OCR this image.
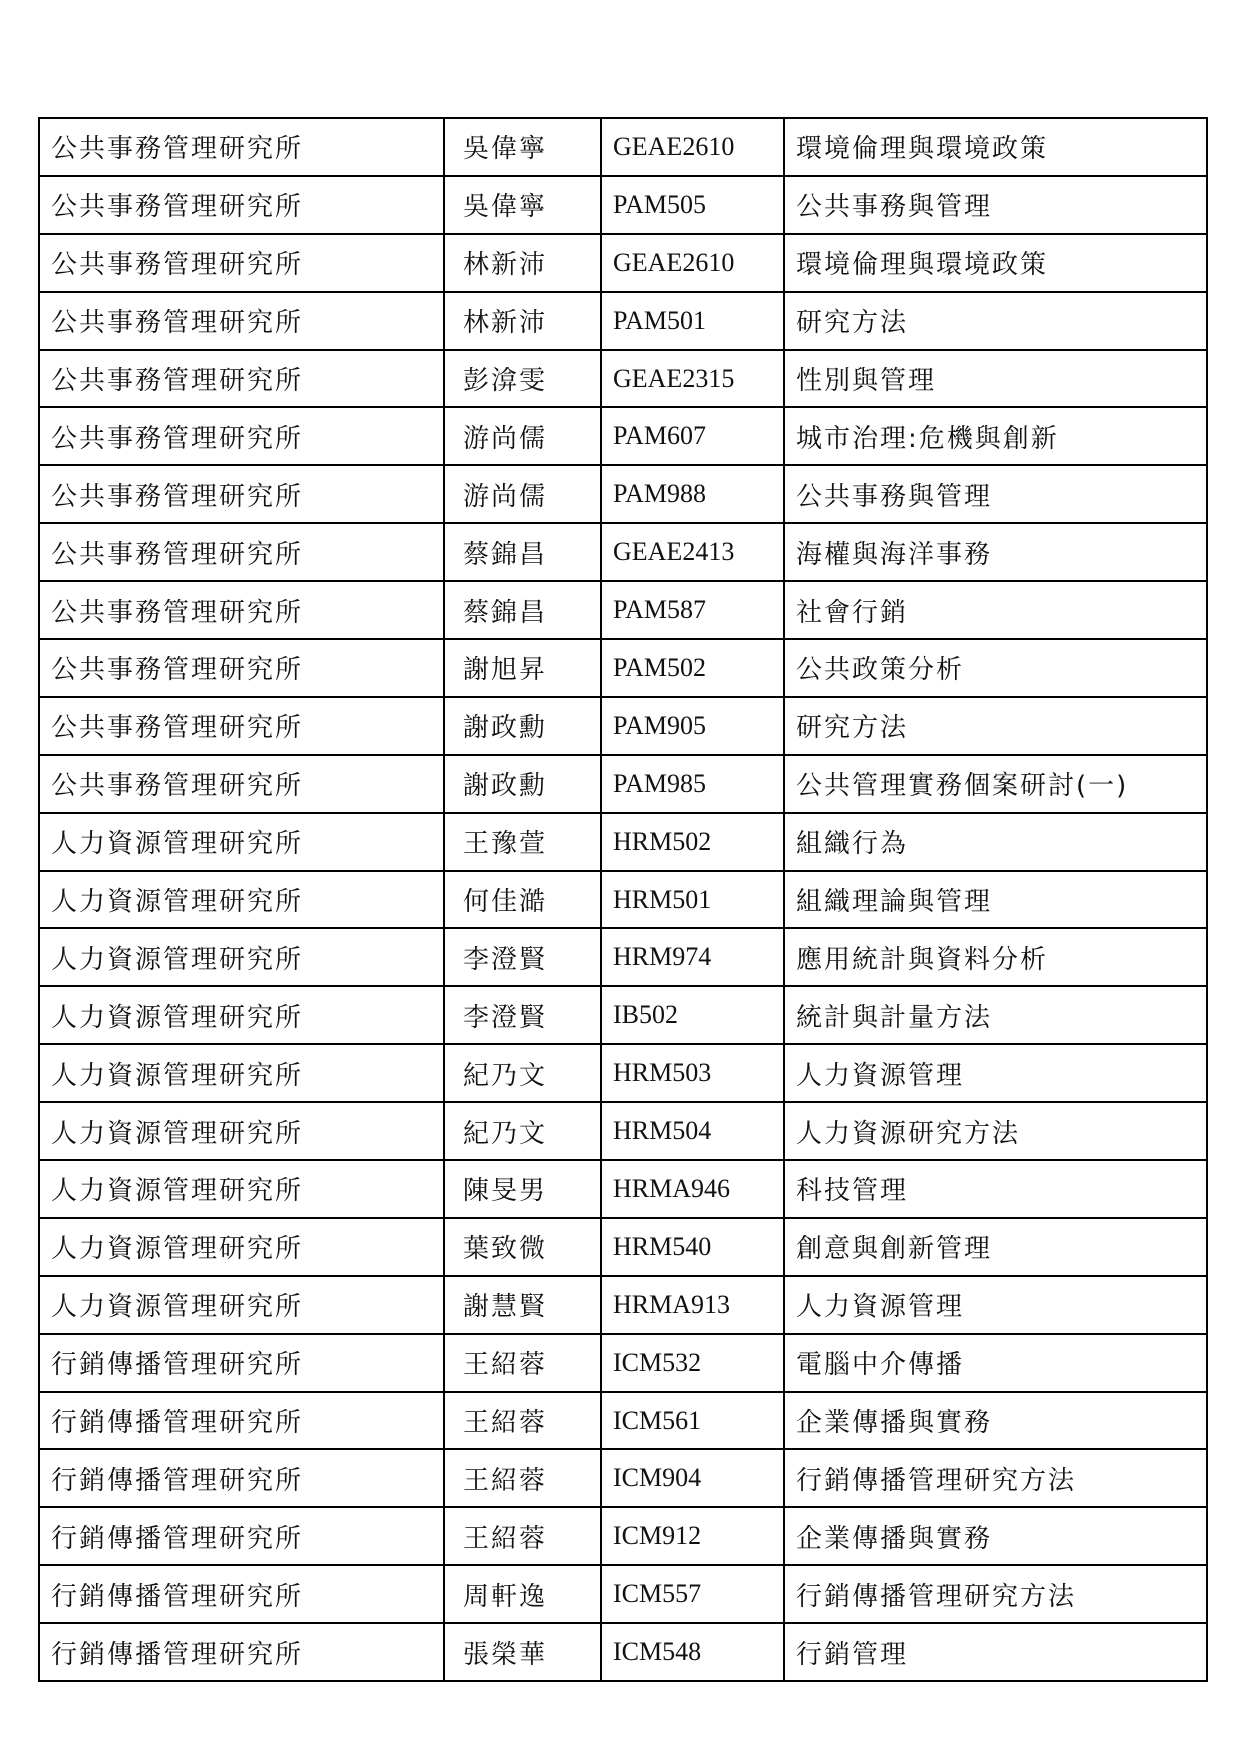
公共事務管理研究所	吳偉寧	GEAE2610	環境倫理與環境政策
公共事務管理研究所	吳偉寧	PAM505	公共事務與管理
公共事務管理研究所	林新沛	GEAE2610	環境倫理與環境政策
公共事務管理研究所	林新沛	PAM501	研究方法
公共事務管理研究所	彭渰雯	GEAE2315	性別與管理
公共事務管理研究所	游尚儒	PAM607	城市治理:危機與創新
公共事務管理研究所	游尚儒	PAM988	公共事務與管理
公共事務管理研究所	蔡錦昌	GEAE2413	海權與海洋事務
公共事務管理研究所	蔡錦昌	PAM587	社會行銷
公共事務管理研究所	謝旭昇	PAM502	公共政策分析
公共事務管理研究所	謝政勳	PAM905	研究方法
公共事務管理研究所	謝政勳	PAM985	公共管理實務個案研討(一)
人力資源管理研究所	王豫萱	HRM502	組織行為
人力資源管理研究所	何佳澔	HRM501	組織理論與管理
人力資源管理研究所	李澄賢	HRM974	應用統計與資料分析
人力資源管理研究所	李澄賢	IB502	統計與計量方法
人力資源管理研究所	紀乃文	HRM503	人力資源管理
人力資源管理研究所	紀乃文	HRM504	人力資源研究方法
人力資源管理研究所	陳旻男	HRMA946	科技管理
人力資源管理研究所	葉致微	HRM540	創意與創新管理
人力資源管理研究所	謝慧賢	HRMA913	人力資源管理
行銷傳播管理研究所	王紹蓉	ICM532	電腦中介傳播
行銷傳播管理研究所	王紹蓉	ICM561	企業傳播與實務
行銷傳播管理研究所	王紹蓉	ICM904	行銷傳播管理研究方法
行銷傳播管理研究所	王紹蓉	ICM912	企業傳播與實務
行銷傳播管理研究所	周軒逸	ICM557	行銷傳播管理研究方法
行銷傳播管理研究所	張榮華	ICM548	行銷管理
